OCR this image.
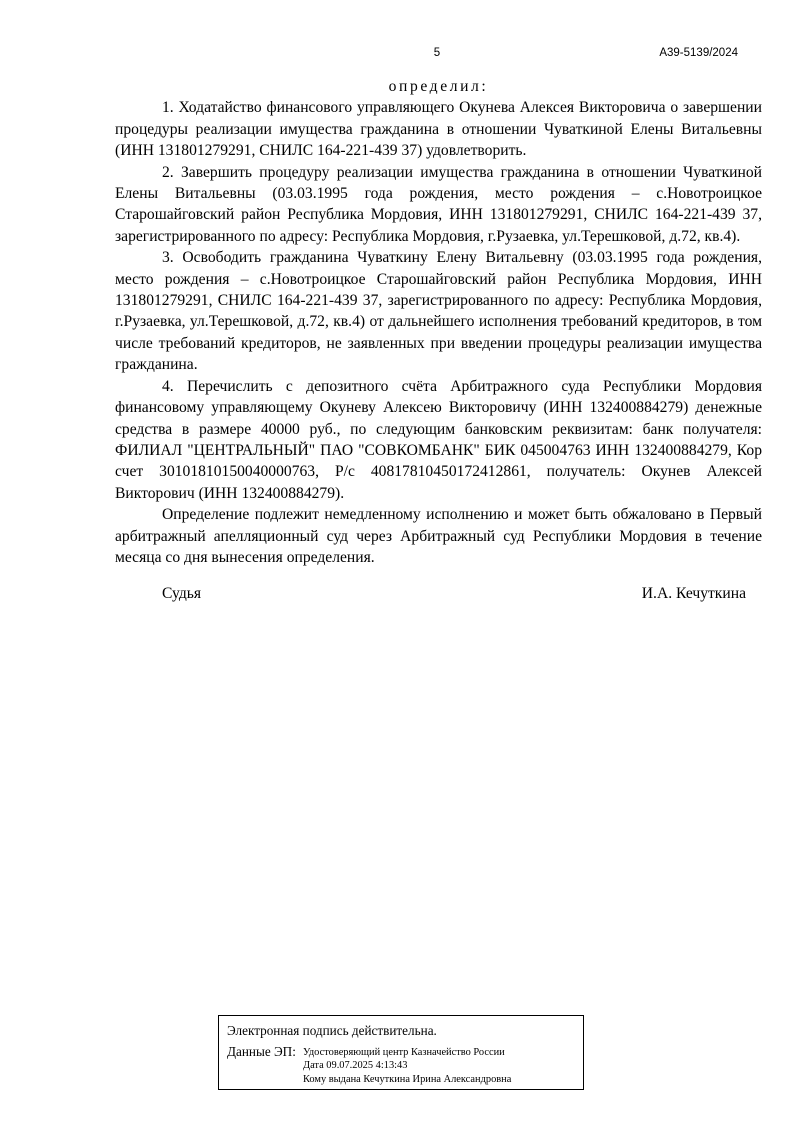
5	А39-5139/2024

определил:

1. Ходатайство финансового управляющего Окунева Алексея Викторовича о завершении процедуры реализации имущества гражданина в отношении Чуваткиной Елены Витальевны (ИНН 131801279291, СНИЛС 164-221-439 37) удовлетворить.

2. Завершить процедуру реализации имущества гражданина в отношении Чуваткиной Елены Витальевны (03.03.1995 года рождения, место рождения – с.Новотроицкое Старошайговский район Республика Мордовия, ИНН 131801279291, СНИЛС 164-221-439 37, зарегистрированного по адресу: Республика Мордовия, г.Рузаевка, ул.Терешковой, д.72, кв.4).

3. Освободить гражданина Чуваткину Елену Витальевну (03.03.1995 года рождения, место рождения – с.Новотроицкое Старошайговский район Республика Мордовия, ИНН 131801279291, СНИЛС 164-221-439 37, зарегистрированного по адресу: Республика Мордовия, г.Рузаевка, ул.Терешковой, д.72, кв.4) от дальнейшего исполнения требований кредиторов, в том числе требований кредиторов, не заявленных при введении процедуры реализации имущества гражданина.

4. Перечислить с депозитного счёта Арбитражного суда Республики Мордовия финансовому управляющему Окуневу Алексею Викторовичу (ИНН 132400884279) денежные средства в размере 40000 руб., по следующим банковским реквизитам: банк получателя: ФИЛИАЛ "ЦЕНТРАЛЬНЫЙ" ПАО "СОВКОМБАНК" БИК 045004763 ИНН 132400884279, Кор счет 30101810150040000763, Р/с 40817810450172412861, получатель: Окунев Алексей Викторович (ИНН 132400884279).

Определение подлежит немедленному исполнению и может быть обжаловано в Первый арбитражный апелляционный суд через Арбитражный суд Республики Мордовия в течение месяца со дня вынесения определения.

Судья	И.А. Кечуткина
Электронная подпись действительна.
Данные ЭП: Удостоверяющий центр Казначейство России
Дата 09.07.2025 4:13:43
Кому выдана Кечуткина Ирина Александровна
